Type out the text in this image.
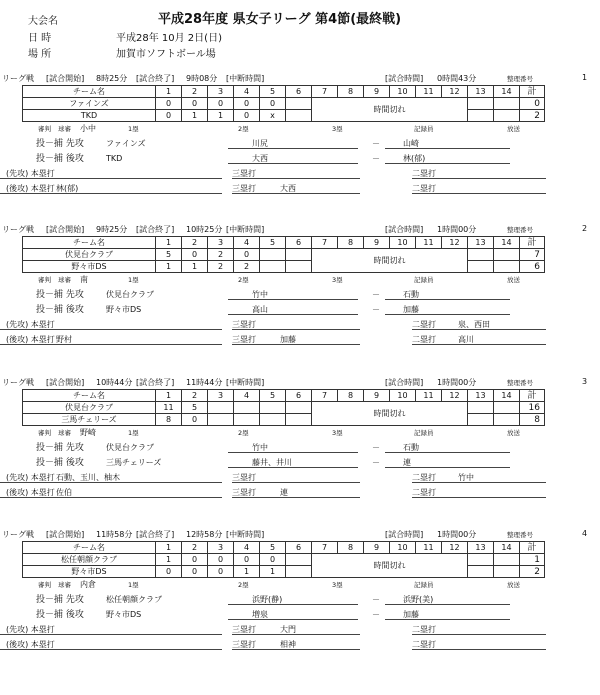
大会名	平成28年度 県女子リーグ 第4節(最終戦)
日 時	平成28年 10月 2日(日)
場 所	加賀市ソフトボール場
リーグ戦 [試合開始] 8時25分 [試合終了] 9時08分 [中断時間]	[試合時間] 0時間43分	整理番号	1
チーム名	1	2	3	4	5	6	7	8	9	10	11	12	13	14	計
ファインズ	0	0	0	0	0		時間切れ								0
TKD	0	1	1	0	x										2
審判 球審 小中	1塁	2塁	3塁	記録員	放送
投－捕 先攻	ファインズ	川尻	－	山崎
投－捕 後攻	TKD	大西	－	林(郁)
(先攻) 本塁打	三塁打	二塁打
(後攻) 本塁打 林(郁)	三塁打	大西	二塁打
リーグ戦 [試合開始] 9時25分 [試合終了] 10時25分 [中断時間]	[試合時間] 1時間00分	整理番号	2
チーム名	1	2	3	4	5	6	7	8	9	10	11	12	13	14	計
伏見台クラブ	5	0	2	0			時間切れ								7
野々市DS	1	1	2	2											6
審判 球審 南	1塁	2塁	3塁	記録員	放送
投－捕 先攻	伏見台クラブ	竹中	－	石動
投－捕 後攻	野々市DS	高山	－	加藤
(先攻) 本塁打	三塁打	二塁打	泉、西田
(後攻) 本塁打 野村	三塁打	加藤	二塁打	高川
リーグ戦 [試合開始] 10時44分 [試合終了] 11時44分 [中断時間]	[試合時間] 1時間00分	整理番号	3
チーム名	1	2	3	4	5	6	7	8	9	10	11	12	13	14	計
伏見台クラブ	11	5					時間切れ								16
三馬チェリーズ	8	0													8
審判 球審 野崎	1塁	2塁	3塁	記録員	放送
投－捕 先攻	伏見台クラブ	竹中	－	石動
投－捕 後攻	三馬チェリーズ	藤井、井川	－	連
(先攻) 本塁打 石動、玉川、柚木	三塁打	二塁打	竹中
(後攻) 本塁打 佐伯	三塁打	連	二塁打
リーグ戦 [試合開始] 11時58分 [試合終了] 12時58分 [中断時間]	[試合時間] 1時間00分	整理番号	4
チーム名	1	2	3	4	5	6	7	8	9	10	11	12	13	14	計
松任朝顔クラブ	1	0	0	0	0		時間切れ								1
野々市DS	0	0	0	1	1										2
審判 球審 内倉	1塁	2塁	3塁	記録員	放送
投－捕 先攻	松任朝顔クラブ	浜野(静)	－	浜野(美)
投－捕 後攻	野々市DS	増泉	－	加藤
(先攻) 本塁打	三塁打	大門	二塁打
(後攻) 本塁打	三塁打	相神	二塁打
